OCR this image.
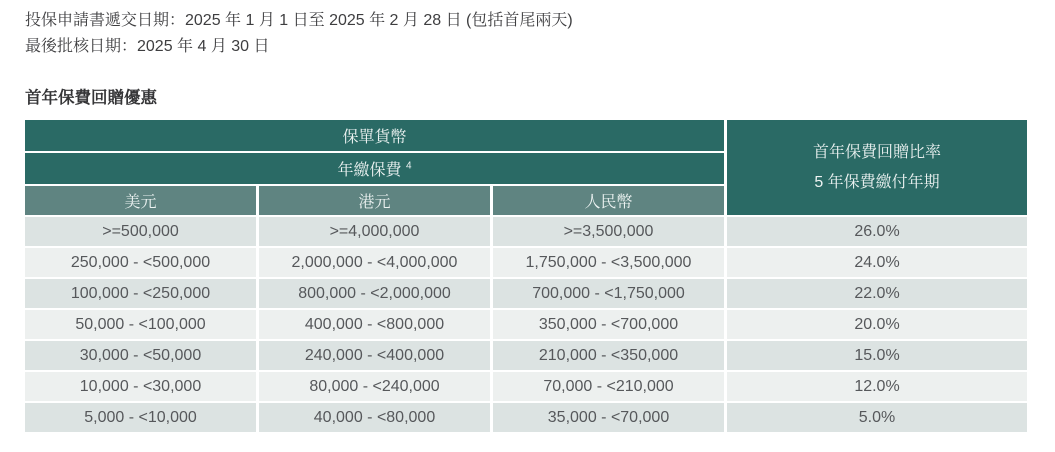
投保申請書遞交日期：2025 年 1 月 1 日至 2025 年 2 月 28 日 (包括首尾兩天)

最後批核日期：2025 年 4 月 30 日

首年保費回贈優惠
保單貨幣			首年保費回贈比率
5 年保費繳付年期

年繳保費 $^4$
美元	港元	人民幣	
>=500,000	>=4,000,000	>=3,500,000	26.0%
250,000 - <500,000	2,000,000 - <4,000,000	1,750,000 - <3,500,000	24.0%
100,000 - <250,000	800,000 - <2,000,000	700,000 - <1,750,000	22.0%
50,000 - <100,000	400,000 - <800,000	350,000 - <700,000	20.0%
30,000 - <50,000	240,000 - <400,000	210,000 - <350,000	15.0%
10,000 - <30,000	80,000 - <240,000	70,000 - <210,000	12.0%
5,000 - <10,000	40,000 - <80,000	35,000 - <70,000	5.0%
